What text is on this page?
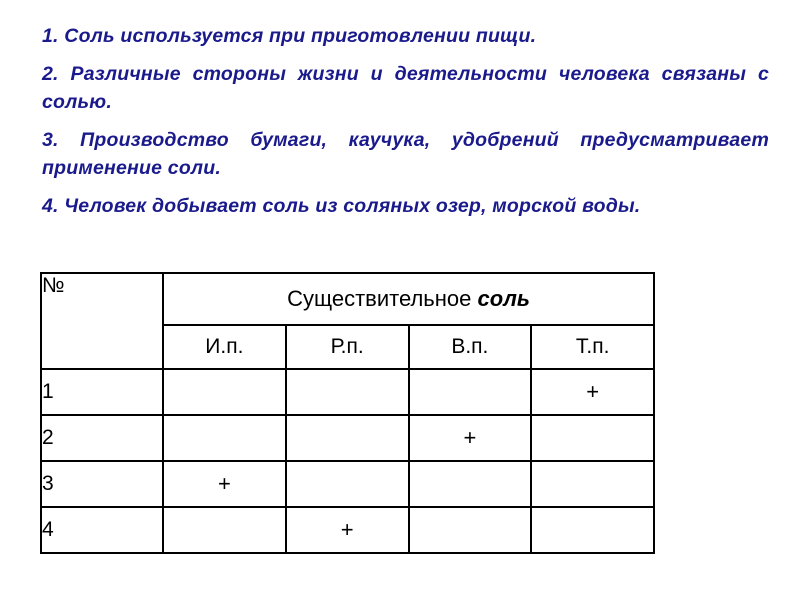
1. Соль используется при приготовлении пищи.

2. Различные стороны жизни и деятельности человека связаны с солью.

3. Производство бумаги, каучука, удобрений предусматривает применение соли.

4. Человек добывает соль из соляных озер, морской воды.

№	Существительное соль			
	И.п.	Р.п.	В.п.	Т.п.
1				+
2			+	
3	+			
4		+		
